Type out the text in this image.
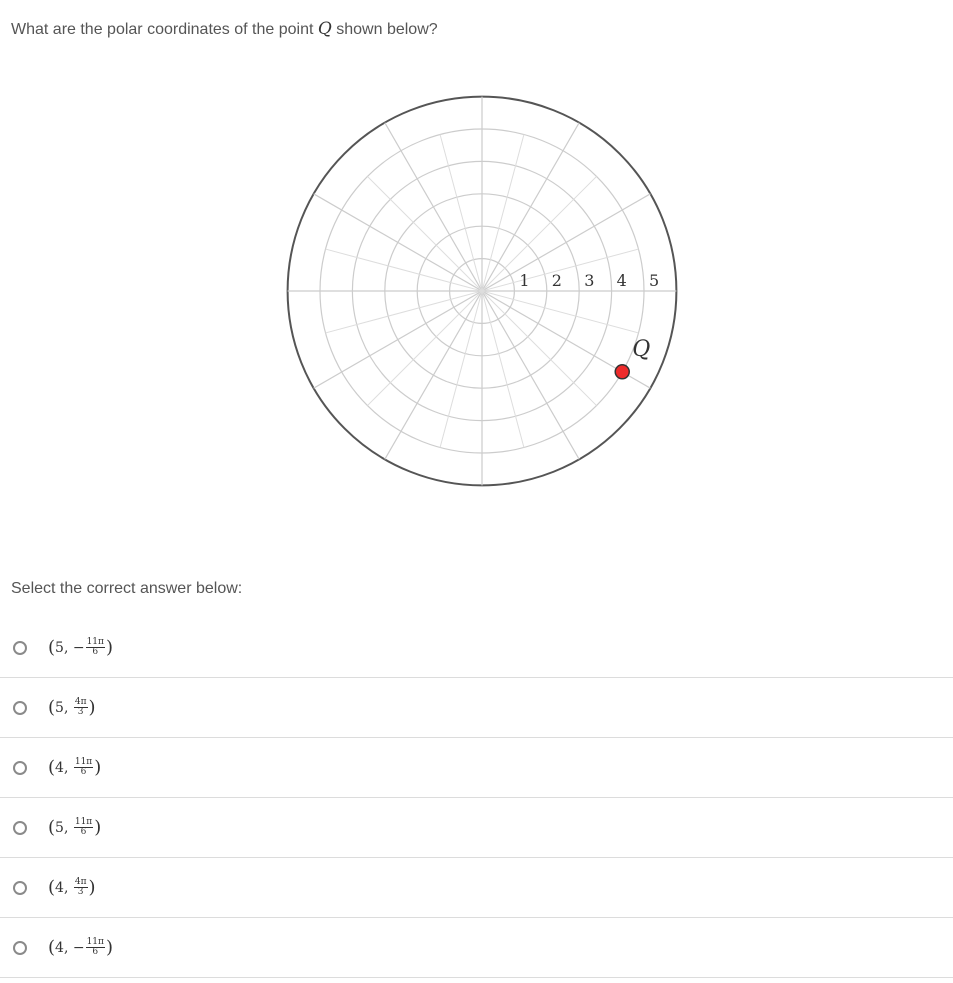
What are the polar coordinates of the point Q shown below?
1 2 3 4 5
Q
Select the correct answer below:
( 5,
− $\frac{11\pi}{6}$ )
( 5,
$\frac{4\pi}{3}$ )
( 4,
$\frac{11\pi}{6}$ )
( 5,
$\frac{11\pi}{6}$ )
( 4,
$\frac{4\pi}{3}$ )
( 4,
− $\frac{11\pi}{6}$ )
